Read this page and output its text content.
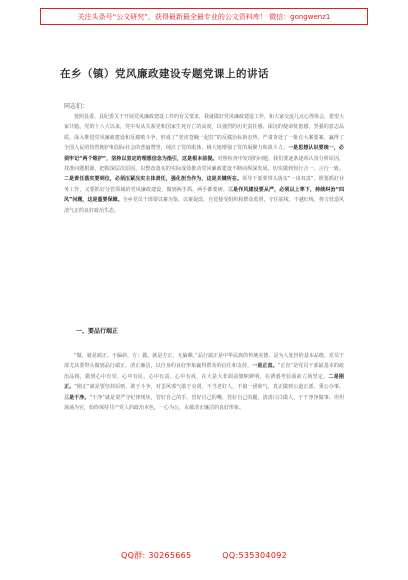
关注头条号“公文研究”，获得最新最全最专业的公文资料库！ 微信：gongwenz1
在乡（镇）党风廉政建设专题党课上的讲话
同志们：

按照县委、县纪委关于开展党风廉政建设工作的有关要求，我就做好党风廉政建设工作，和大家交流几点心得体会，希望大家共勉。党的十八大以来，党中央从关系党和国家生死存亡的高度，以强烈的历史责任感、深沉的使命忧患感、坚强的意志品质，深入推进党风廉政建设和反腐败斗争，形成了“老虎苍蝇一起打”的反腐治标新态势。严肃查处了一批有大案要案，赢得了全国人民的热烈拥护和国际社会的普遍赞誉，纯洁了党的肌体，极大地增强了党的凝聚力和战斗力。一是思想认识要统一，必须牢记“两个维护”，坚持以坚定的理想信念为指引，这是根本前提。对照检查中发现的问题，我们要逐条逐项认真分析原因，找准问题根源，把握深层次原因，以整改落实的实际成效推动党风廉政建设不断向纵深发展，切实做到知行合一、言行一致。二是责任落实要到位，必须压紧压实主体责任，强化担当作为，这是关键所在。领导干部要带头落实“一岗双责”，既要抓好业务工作，又要抓好分管领域的党风廉政建设，做到两手抓、两手都要硬。三是作风建设要从严，必须以上率下，持续纠治“四风”问题，这是重要保障。全乡党员干部要以案为鉴、以案促改，自觉接受组织和群众监督，守住底线、不越红线，努力营造风清气正的良好政治生态。

一、要品行端正

“做，就是端正、不偏斜，方；做，就是方正，无偏颇。”品行端正是中华民族的传统美德，是为人处世的基本品格。党员干部尤其要带头做到品行端正、清正廉洁，以自身的良好形象赢得群众的信任和支持。一是正直。“正直”是党员干部最基本的政治品格，做到心中有党、心中有民、心中有责、心中有戒，在大是大非面前旗帜鲜明，在诱惑考验面前立场坚定。二是刚正。“刚正”就是要坚持原则、敢于斗争，对歪风邪气敢于亮剑，不当老好人，不搞一团和气，真正做到公道正派、秉公办事。三是干净。“干净”就是要严守纪律规矩，管好自己的手、管好自己的嘴、管好自己的腿，清清白白做人、干干净净做事、坦坦荡荡为官，始终保持共产党人的政治本色，一心为公，永葆清正廉洁的良好形象。

QQ群: 30265665	QQ:535304092
